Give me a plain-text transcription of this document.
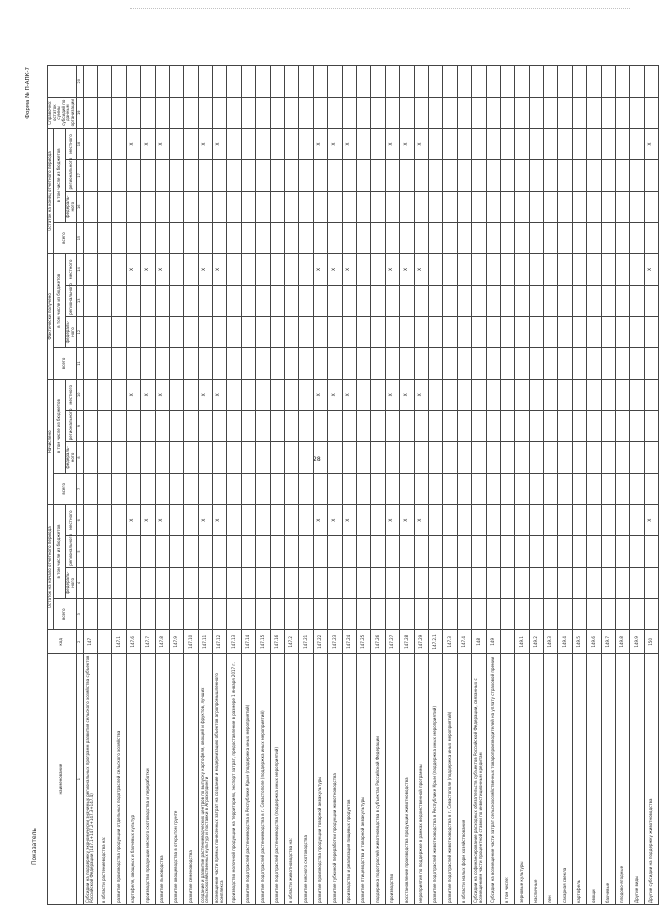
28
Форма № П-АПК-7
Показатель
наименование	код	Остаток на начало отчетного периода				Начислено				Фактически получено				Остаток на конец отчетного периода				Справочно: остаток суммы субсидий по данным организации	
		всего	в том числе из бюджетов			всего	в том числе из бюджетов			всего	в том числе из бюджетов			всего	в том числе из бюджетов				
			федераль-ного	регионального	местного		федераль-ного	регионального	местного		федераль-ного	регионального	местного		федераль-ного	регионального	местного		
1	2	3	4	5	6	7	8	9	10	11	12	13	14	15	16	17	18	19	20
Субсидии на поддержку экономически значимых региональных программ развития сельского хозяйства субъектов Российской Федерации (147.1+147.2+147.3+147.4)	147																		
в области растениеводства на:																			
развитие производства продукции отдельных подотраслей сельского хозяйства	147.1																		
картофеля, овощных и бахчевых культур	147.6				X				X				X				X		
производство продукции мясного скотоводства и переработки	147.7				X				X				X				X		
развитие льноводства	147.8				X				X				X				X		
развитие овощеводства в открытом грунте	147.9																		
развитие семеноводства	147.10																		
создание и развитие растениеводческих центров по выпуску картофеля, овощей и фруктов, лучших сельскохозяйственных культур и поставки в Агрохолдинги	147.11				X				X				X				X		
возмещение части прямых понесенных затрат на создание и модернизацию объектов агропромышленного комплекса	147.12				X				X				X				X		
производство молочной продукции на территориях, экспорт затрат, предоставление в размере 1 января 2017 г.	147.13																		
развитие подотраслей растениеводства в Республике Крым (поддержка иных мероприятий)	147.14																		
развитие подотраслей растениеводства в г. Севастополе (поддержка иных мероприятий)	147.15																		
развитие подотраслей растениеводства (поддержка иных мероприятий)	147.16																		
в области животноводства на:	147.2																		
развитие мясного скотоводства	147.21																		
развитие производства продукции товарной аквакультуры	147.22				X				X				X				X		
развитие губкиной переработки продукции животноводства	147.23				X				X				X				X		
производство и реализация пищевых продуктов	147.24				X				X				X				X		
развитие птицеводства и товарной аквакультуры	147.25																		
поддержка подотраслей животноводства в субъектах Российской Федерации	147.26																		
производство	147.27				X				X				X				X		
восстановление производства продукции животноводства	147.28				X				X				X				X		
мероприятия по поддержке в рамках ведомственной программы	147.29				X				X				X				X		
развитие подотраслей животноводства в Республике Крым (поддержка иных мероприятий)	147.2.1																		
развитие подотраслей животноводства в г. Севастополе (поддержка иных мероприятий)	147.3																		
в области малых форм хозяйствования	147.4																		
Субсидии на софинансирование расходных обязательств субъектов Российской Федерации, связанных с возмещением части процентной ставки по инвестиционным кредитам	148																		
Субсидии на возмещение части затрат сельскохозяйственных товаропроизводителей на уплату страховой премии	149																		
в том числе:																			
зерновые культуры	149.1																		
масличные	149.2																		
лен	149.3																		
сахарная свекла	149.4																		
картофель	149.5																		
овощи	149.6																		
бахчевые	149.7																		
плодово-ягодные	149.8																		
Другие виды	149.9																		
Другие субсидии на поддержку животноводства	150				X								X				X		
